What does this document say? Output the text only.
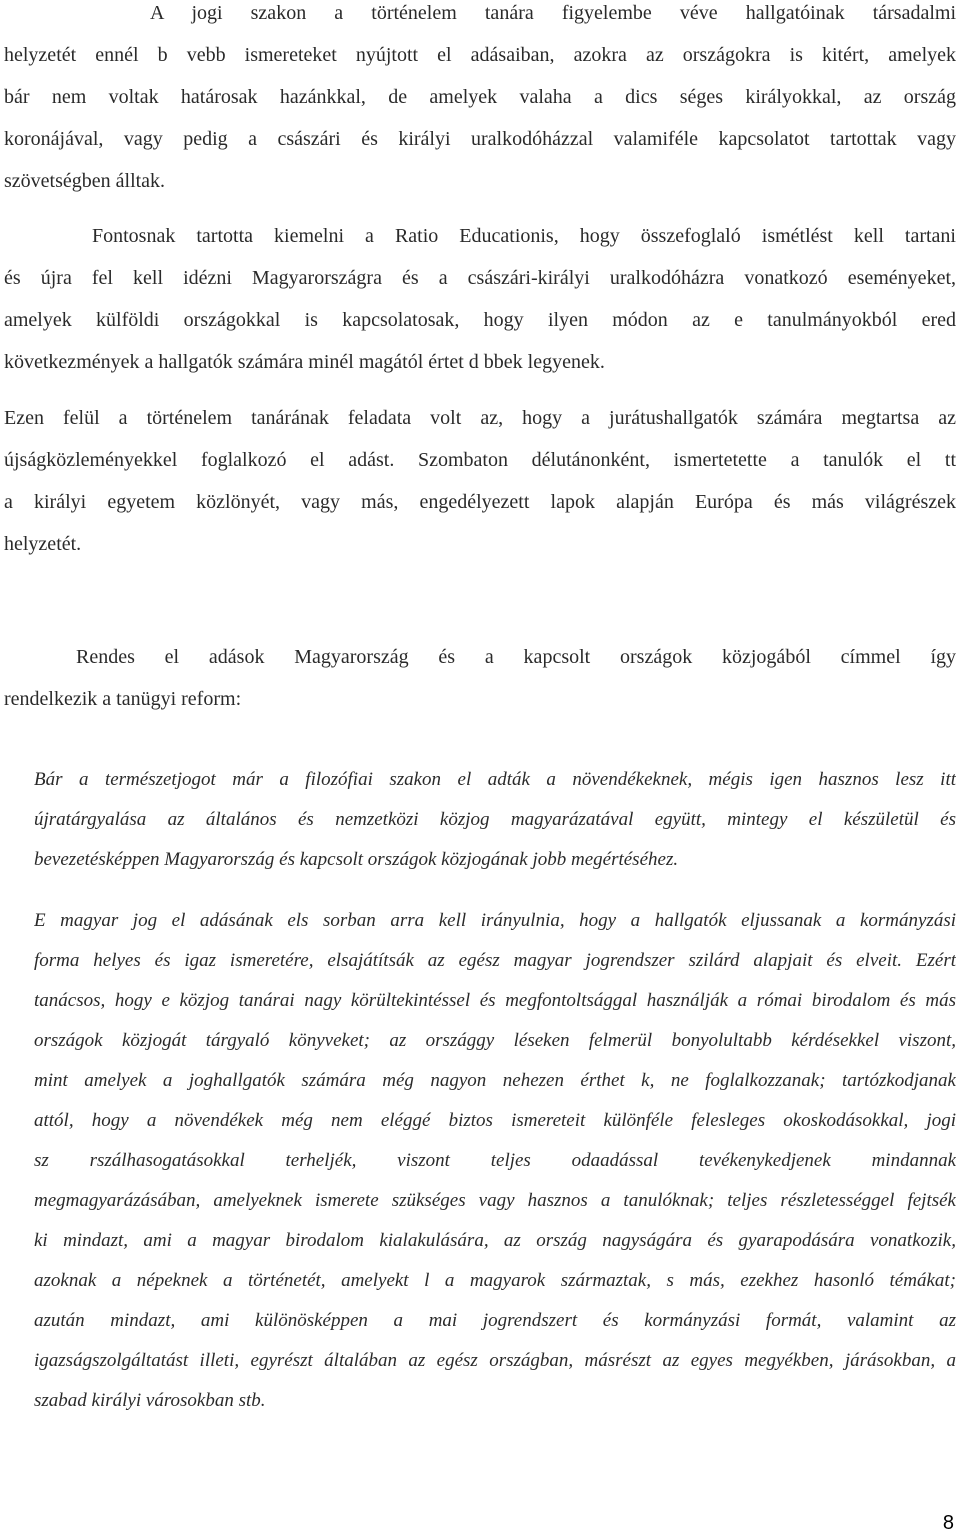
A jogi szakon a történelem tanára figyelembe véve hallgatóinak társadalmi
helyzetét ennél b vebb ismereteket nyújtott el adásaiban, azokra az országokra is kitért, amelyek
bár nem voltak határosak hazánkkal, de amelyek valaha a dics séges királyokkal, az ország
koronájával, vagy pedig a császári és királyi uralkodóházzal valamiféle kapcsolatot tartottak vagy
szövetségben álltak.
Fontosnak tartotta kiemelni a Ratio Educationis, hogy összefoglaló ismétlést kell tartani
és újra fel kell idézni Magyarországra és a császári-királyi uralkodóházra vonatkozó eseményeket,
amelyek külföldi országokkal is kapcsolatosak, hogy ilyen módon az e tanulmányokból ered
következmények a hallgatók számára minél magától értet d bbek legyenek.
Ezen felül a történelem tanárának feladata volt az, hogy a jurátushallgatók számára megtartsa az
újságközleményekkel foglalkozó el adást. Szombaton délutánonként, ismertetette a tanulók el tt
a királyi egyetem közlönyét, vagy más, engedélyezett lapok alapján Európa és más világrészek
helyzetét.
Rendes el adások Magyarország és a kapcsolt országok közjogából címmel így
rendelkezik a tanügyi reform:
Bár a természetjogot már a filozófiai szakon el adták a növendékeknek, mégis igen hasznos lesz itt
újratárgyalása az általános és nemzetközi közjog magyarázatával együtt, mintegy el készületül és
bevezetésképpen Magyarország és kapcsolt országok közjogának jobb megértéséhez.
E magyar jog el adásának els sorban arra kell irányulnia, hogy a hallgatók eljussanak a kormányzási
forma helyes és igaz ismeretére, elsajátítsák az egész magyar jogrendszer szilárd alapjait és elveit. Ezért
tanácsos, hogy e közjog tanárai nagy körültekintéssel és megfontoltsággal használják a római birodalom és más
országok közjogát tárgyaló könyveket; az országgy léseken felmerül bonyolultabb kérdésekkel viszont,
mint amelyek a joghallgatók számára még nagyon nehezen érthet k, ne foglalkozzanak; tartózkodjanak
attól, hogy a növendékek még nem eléggé biztos ismereteit különféle felesleges okoskodásokkal, jogi
sz rszálhasogatásokkal terheljék, viszont teljes odaadással tevékenykedjenek mindannak
megmagyarázásában, amelyeknek ismerete szükséges vagy hasznos a tanulóknak; teljes részletességgel fejtsék
ki mindazt, ami a magyar birodalom kialakulására, az ország nagyságára és gyarapodására vonatkozik,
azoknak a népeknek a történetét, amelyekt l a magyarok származtak, s más, ezekhez hasonló témákat;
azután mindazt, ami különösképpen a mai jogrendszert és kormányzási formát, valamint az
igazságszolgáltatást illeti, egyrészt általában az egész országban, másrészt az egyes megyékben, járásokban, a
szabad királyi városokban stb.
8
